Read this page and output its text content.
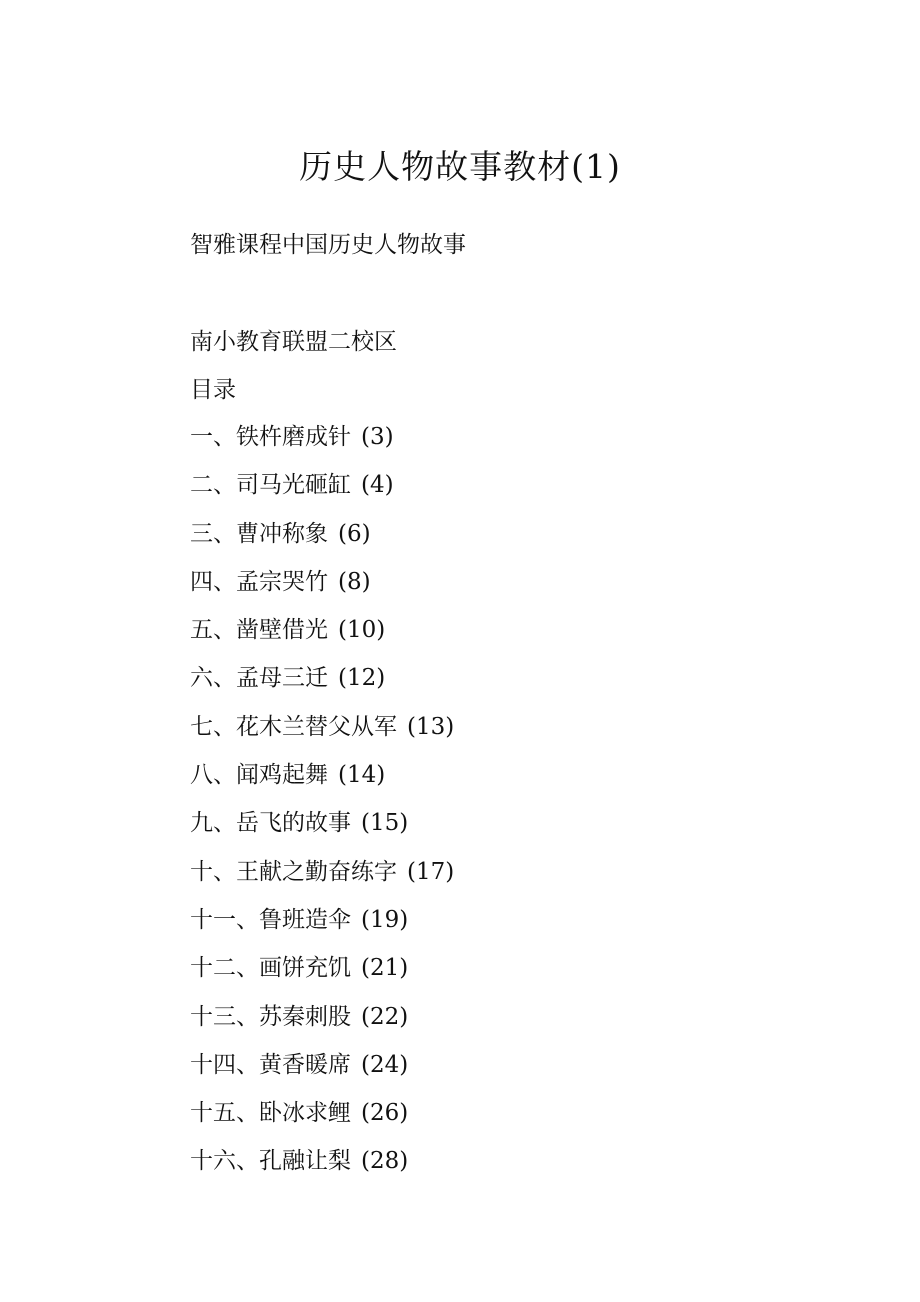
历史人物故事教材(1)

智雅课程中国历史人物故事

南小教育联盟二校区

目录

一、铁杵磨成针 (3)
二、司马光砸缸 (4)
三、曹冲称象 (6)
四、孟宗哭竹 (8)
五、凿壁借光 (10)
六、孟母三迁 (12)
七、花木兰替父从军 (13)
八、闻鸡起舞 (14)
九、岳飞的故事 (15)
十、王献之勤奋练字 (17)
十一、鲁班造伞 (19)
十二、画饼充饥 (21)
十三、苏秦刺股 (22)
十四、黄香暖席 (24)
十五、卧冰求鲤 (26)
十六、孔融让梨 (28)
